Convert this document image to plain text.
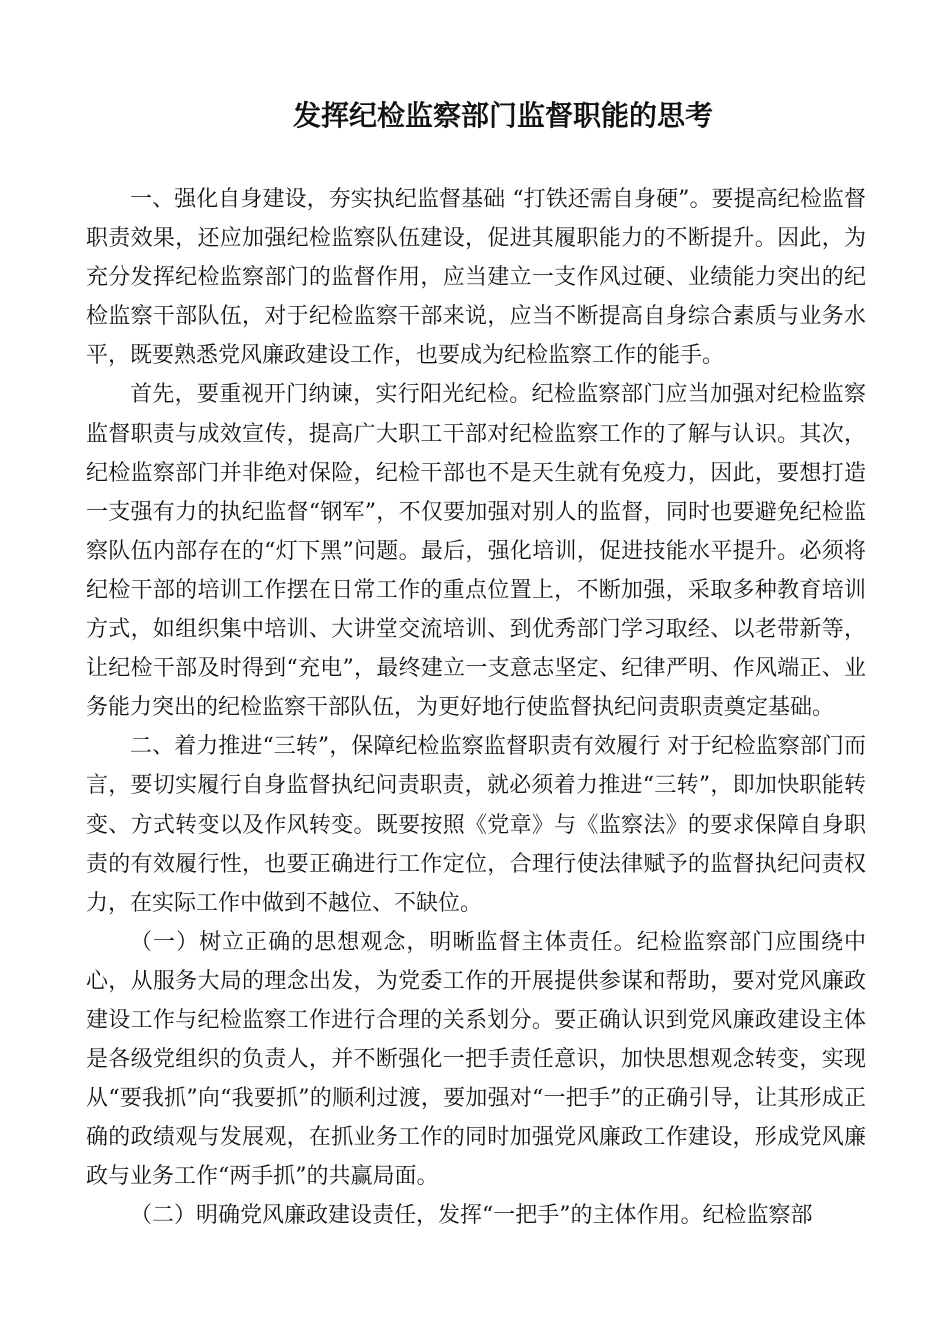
发挥纪检监察部门监督职能的思考

一、强化自身建设，夯实执纪监督基础 “打铁还需自身硬”。要提高纪检监督职责效果，还应加强纪检监察队伍建设，促进其履职能力的不断提升。因此，为充分发挥纪检监察部门的监督作用，应当建立一支作风过硬、业绩能力突出的纪检监察干部队伍，对于纪检监察干部来说，应当不断提高自身综合素质与业务水平，既要熟悉党风廉政建设工作，也要成为纪检监察工作的能手。

首先，要重视开门纳谏，实行阳光纪检。纪检监察部门应当加强对纪检监察监督职责与成效宣传，提高广大职工干部对纪检监察工作的了解与认识。其次，纪检监察部门并非绝对保险，纪检干部也不是天生就有免疫力，因此，要想打造一支强有力的执纪监督“钢军”，不仅要加强对别人的监督，同时也要避免纪检监察队伍内部存在的“灯下黑”问题。最后，强化培训，促进技能水平提升。必须将纪检干部的培训工作摆在日常工作的重点位置上，不断加强，采取多种教育培训方式，如组织集中培训、大讲堂交流培训、到优秀部门学习取经、以老带新等，让纪检干部及时得到“充电”，最终建立一支意志坚定、纪律严明、作风端正、业务能力突出的纪检监察干部队伍，为更好地行使监督执纪问责职责奠定基础。

二、着力推进“三转”，保障纪检监察监督职责有效履行 对于纪检监察部门而言，要切实履行自身监督执纪问责职责，就必须着力推进“三转”，即加快职能转变、方式转变以及作风转变。既要按照《党章》与《监察法》的要求保障自身职责的有效履行性，也要正确进行工作定位，合理行使法律赋予的监督执纪问责权力，在实际工作中做到不越位、不缺位。

（一）树立正确的思想观念，明晰监督主体责任。纪检监察部门应围绕中心，从服务大局的理念出发，为党委工作的开展提供参谋和帮助，要对党风廉政建设工作与纪检监察工作进行合理的关系划分。要正确认识到党风廉政建设主体是各级党组织的负责人，并不断强化一把手责任意识，加快思想观念转变，实现从“要我抓”向“我要抓”的顺利过渡，要加强对“一把手”的正确引导，让其形成正确的政绩观与发展观，在抓业务工作的同时加强党风廉政工作建设，形成党风廉政与业务工作“两手抓”的共赢局面。

（二）明确党风廉政建设责任，发挥“一把手”的主体作用。纪检监察部
